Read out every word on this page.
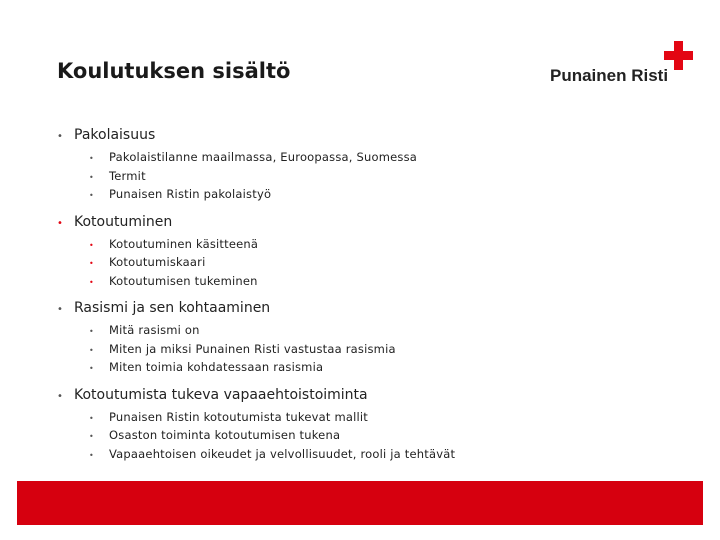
Koulutuksen sisältö	Punainen Risti
• Pakolaisuus
•	Pakolaistilanne maailmassa, Euroopassa, Suomessa
•	Termit
•	Punaisen Ristin pakolaistyö
• Kotoutuminen
•	Kotoutuminen käsitteenä
•	Kotoutumiskaari
•	Kotoutumisen tukeminen
• Rasismi ja sen kohtaaminen
•	Mitä rasismi on
•	Miten ja miksi Punainen Risti vastustaa rasismia
•	Miten toimia kohdatessaan rasismia
• Kotoutumista tukeva vapaaehtoistoiminta
•	Punaisen Ristin kotoutumista tukevat mallit
•	Osaston toiminta kotoutumisen tukena
•	Vapaaehtoisen oikeudet ja velvollisuudet, rooli ja tehtävät
